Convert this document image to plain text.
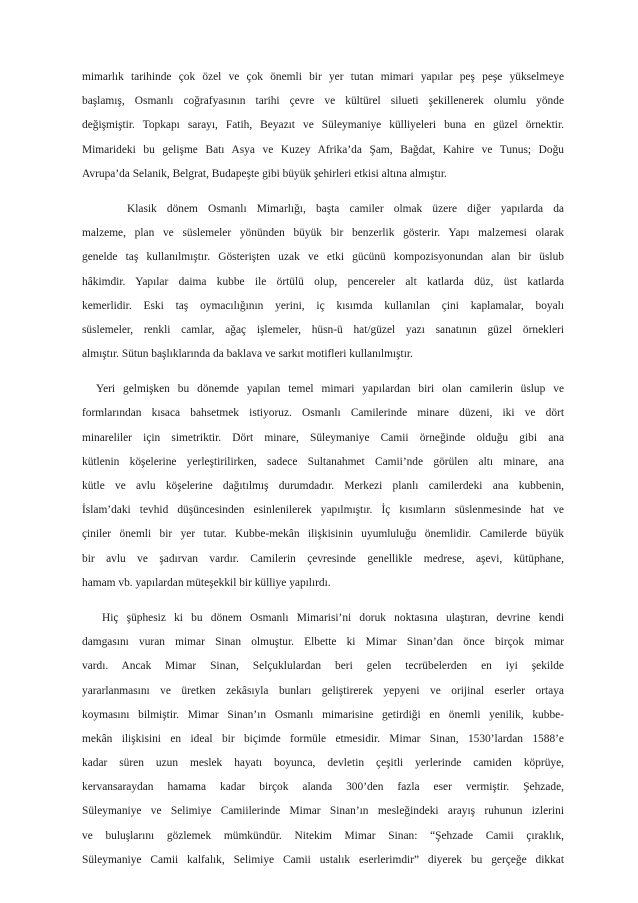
mimarlık tarihinde çok özel ve çok önemli bir yer tutan mimari yapılar peş peşe yükselmeye
başlamış, Osmanlı coğrafyasının tarihi çevre ve kültürel silueti şekillenerek olumlu yönde
değişmiştir. Topkapı sarayı, Fatih, Beyazıt ve Süleymaniye külliyeleri buna en güzel örnektir.
Mimarideki bu gelişme Batı Asya ve Kuzey Afrika’da Şam, Bağdat, Kahire ve Tunus; Doğu
Avrupa’da Selanik, Belgrat, Budapeşte gibi büyük şehirleri etkisi altına almıştır.
Klasik dönem Osmanlı Mimarlığı, başta camiler olmak üzere diğer yapılarda da
malzeme, plan ve süslemeler yönünden büyük bir benzerlik gösterir. Yapı malzemesi olarak
genelde taş kullanılmıştır. Gösterişten uzak ve etki gücünü kompozisyonundan alan bir üslub
hâkimdir. Yapılar daima kubbe ile örtülü olup, pencereler alt katlarda düz, üst katlarda
kemerlidir. Eski taş oymacılığının yerini, iç kısımda kullanılan çini kaplamalar, boyalı
süslemeler, renkli camlar, ağaç işlemeler, hüsn-ü hat/güzel yazı sanatının güzel örnekleri
almıştır. Sütun başlıklarında da baklava ve sarkıt motifleri kullanılmıştır.
Yeri gelmişken bu dönemde yapılan temel mimari yapılardan biri olan camilerin üslup ve
formlarından kısaca bahsetmek istiyoruz. Osmanlı Camilerinde minare düzeni, iki ve dört
minareliler için simetriktir. Dört minare, Süleymaniye Camii örneğinde olduğu gibi ana
kütlenin köşelerine yerleştirilirken, sadece Sultanahmet Camii’nde görülen altı minare, ana
kütle ve avlu köşelerine dağıtılmış durumdadır. Merkezi planlı camilerdeki ana kubbenin,
İslam’daki tevhid düşüncesinden esinlenilerek yapılmıştır. İç kısımların süslenmesinde hat ve
çiniler önemli bir yer tutar. Kubbe-mekân ilişkisinin uyumluluğu önemlidir. Camilerde büyük
bir avlu ve şadırvan vardır. Camilerin çevresinde genellikle medrese, aşevi, kütüphane,
hamam vb. yapılardan müteşekkil bir külliye yapılırdı.
Hiç şüphesiz ki bu dönem Osmanlı Mimarisi’ni doruk noktasına ulaştıran, devrine kendi
damgasını vuran mimar Sinan olmuştur. Elbette ki Mimar Sinan’dan önce birçok mimar
vardı. Ancak Mimar Sinan, Selçuklulardan beri gelen tecrübelerden en iyi şekilde
yararlanmasını ve üretken zekâsıyla bunları geliştirerek yepyeni ve orijinal eserler ortaya
koymasını bilmiştir. Mimar Sinan’ın Osmanlı mimarisine getirdiği en önemli yenilik, kubbe-
mekân ilişkisini en ideal bir biçimde formüle etmesidir. Mimar Sinan, 1530’lardan 1588’e
kadar süren uzun meslek hayatı boyunca, devletin çeşitli yerlerinde camiden köprüye,
kervansaraydan hamama kadar birçok alanda 300’den fazla eser vermiştir. Şehzade,
Süleymaniye ve Selimiye Camiilerinde Mimar Sinan’ın mesleğindeki arayış ruhunun izlerini
ve buluşlarını gözlemek mümkündür. Nitekim Mimar Sinan: “Şehzade Camii çıraklık,
Süleymaniye Camii kalfalık, Selimiye Camii ustalık eserlerimdir” diyerek bu gerçeğe dikkat
